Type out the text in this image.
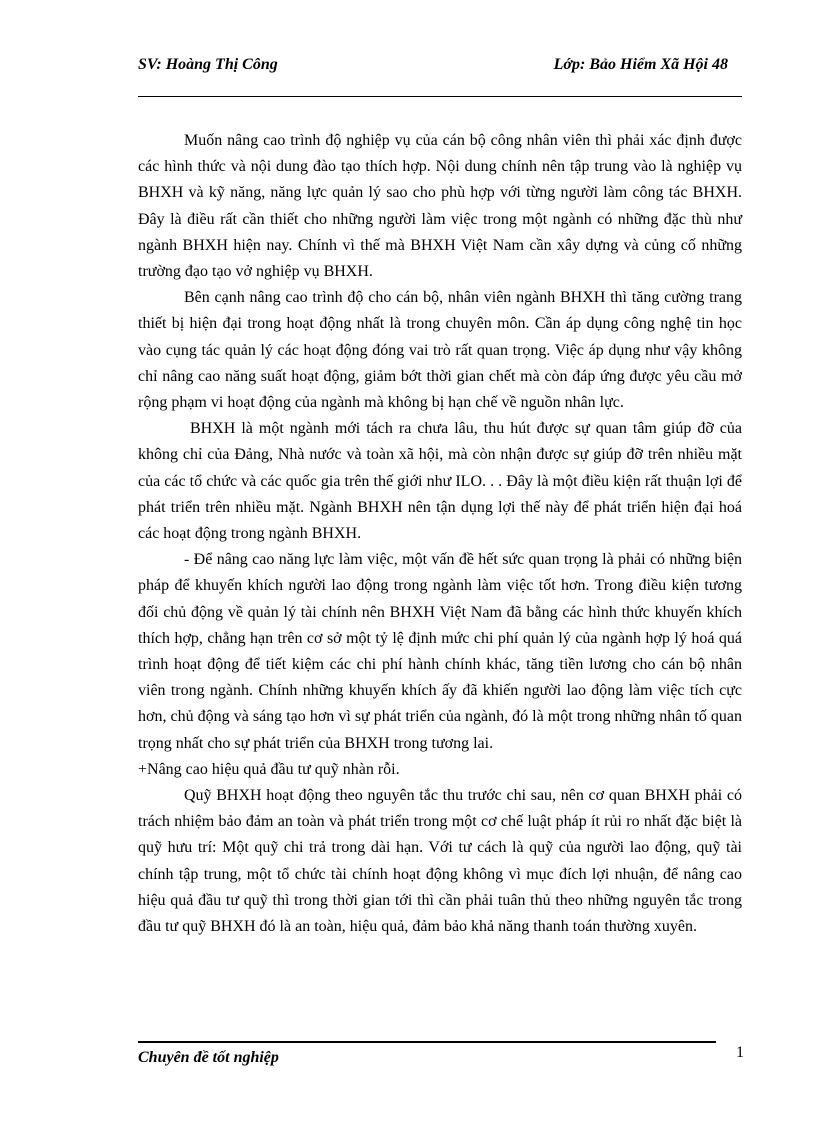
SV: Hoàng Thị Công	Lớp: Bảo Hiểm Xã Hội 48

Muốn nâng cao trình độ nghiệp vụ của cán bộ công nhân viên thì phải xác định được các hình thức và nội dung đào tạo thích hợp. Nội dung chính nên tập trung vào là nghiệp vụ BHXH và kỹ năng, năng lực quản lý sao cho phù hợp với từng người làm công tác BHXH. Đây là điều rất cần thiết cho những người làm việc trong một ngành có những đặc thù như ngành BHXH hiện nay. Chính vì thế mà BHXH Việt Nam cần xây dựng và củng cố những trường đạo tạo vở nghiệp vụ BHXH.

Bên cạnh nâng cao trình độ cho cán bộ, nhân viên ngành BHXH thì tăng cường trang thiết bị hiện đại trong hoạt động nhất là trong chuyên môn. Cần áp dụng công nghệ tin học vào cụng tác quản lý các hoạt động đóng vai trò rất quan trọng. Việc áp dụng như vậy không chỉ nâng cao năng suất hoạt động, giảm bớt thời gian chết mà còn đáp ứng được yêu cầu mở rộng phạm vi hoạt động của ngành mà không bị hạn chế về nguồn nhân lực.

BHXH là một ngành mới tách ra chưa lâu, thu hút được sự quan tâm giúp đỡ của không chỉ của Đảng, Nhà nước và toàn xã hội, mà còn nhận được sự giúp đỡ trên nhiều mặt của các tổ chức và các quốc gia trên thế giới như ILO. . . Đây là một điều kiện rất thuận lợi để phát triển trên nhiều mặt. Ngành BHXH nên tận dụng lợi thế này để phát triển hiện đại hoá các hoạt động trong ngành BHXH.

- Để nâng cao năng lực làm việc, một vấn đề hết sức quan trọng là phải có những biện pháp để khuyến khích người lao động trong ngành làm việc tốt hơn. Trong điều kiện tương đối chủ động về quản lý tài chính nên BHXH Việt Nam đã bằng các hình thức khuyến khích thích hợp, chẳng hạn trên cơ sở một tỷ lệ định mức chi phí quản lý của ngành hợp lý hoá quá trình hoạt động để tiết kiệm các chi phí hành chính khác, tăng tiền lương cho cán bộ nhân viên trong ngành. Chính những khuyến khích ấy đã khiến người lao động làm việc tích cực hơn, chủ động và sáng tạo hơn vì sự phát triển của ngành, đó là một trong những nhân tố quan trọng nhất cho sự phát triển của BHXH trong tương lai.

+Nâng cao hiệu quả đầu tư quỹ nhàn rỗi.

Quỹ BHXH hoạt động theo nguyên tắc thu trước chi sau, nên cơ quan BHXH phải có trách nhiệm bảo đảm an toàn và phát triển trong một cơ chế luật pháp ít rủi ro nhất đặc biệt là quỹ hưu trí: Một quỹ chi trả trong dài hạn. Với tư cách là quỹ của người lao động, quỹ tài chính tập trung, một tổ chức tài chính hoạt động không vì mục đích lợi nhuận, để nâng cao hiệu quả đầu tư quỹ thì trong thời gian tới thì cần phải tuân thủ theo những nguyên tắc trong đầu tư quỹ BHXH đó là an toàn, hiệu quả, đảm bảo khả năng thanh toán thường xuyên.

Chuyên đề tốt nghiệp	1
